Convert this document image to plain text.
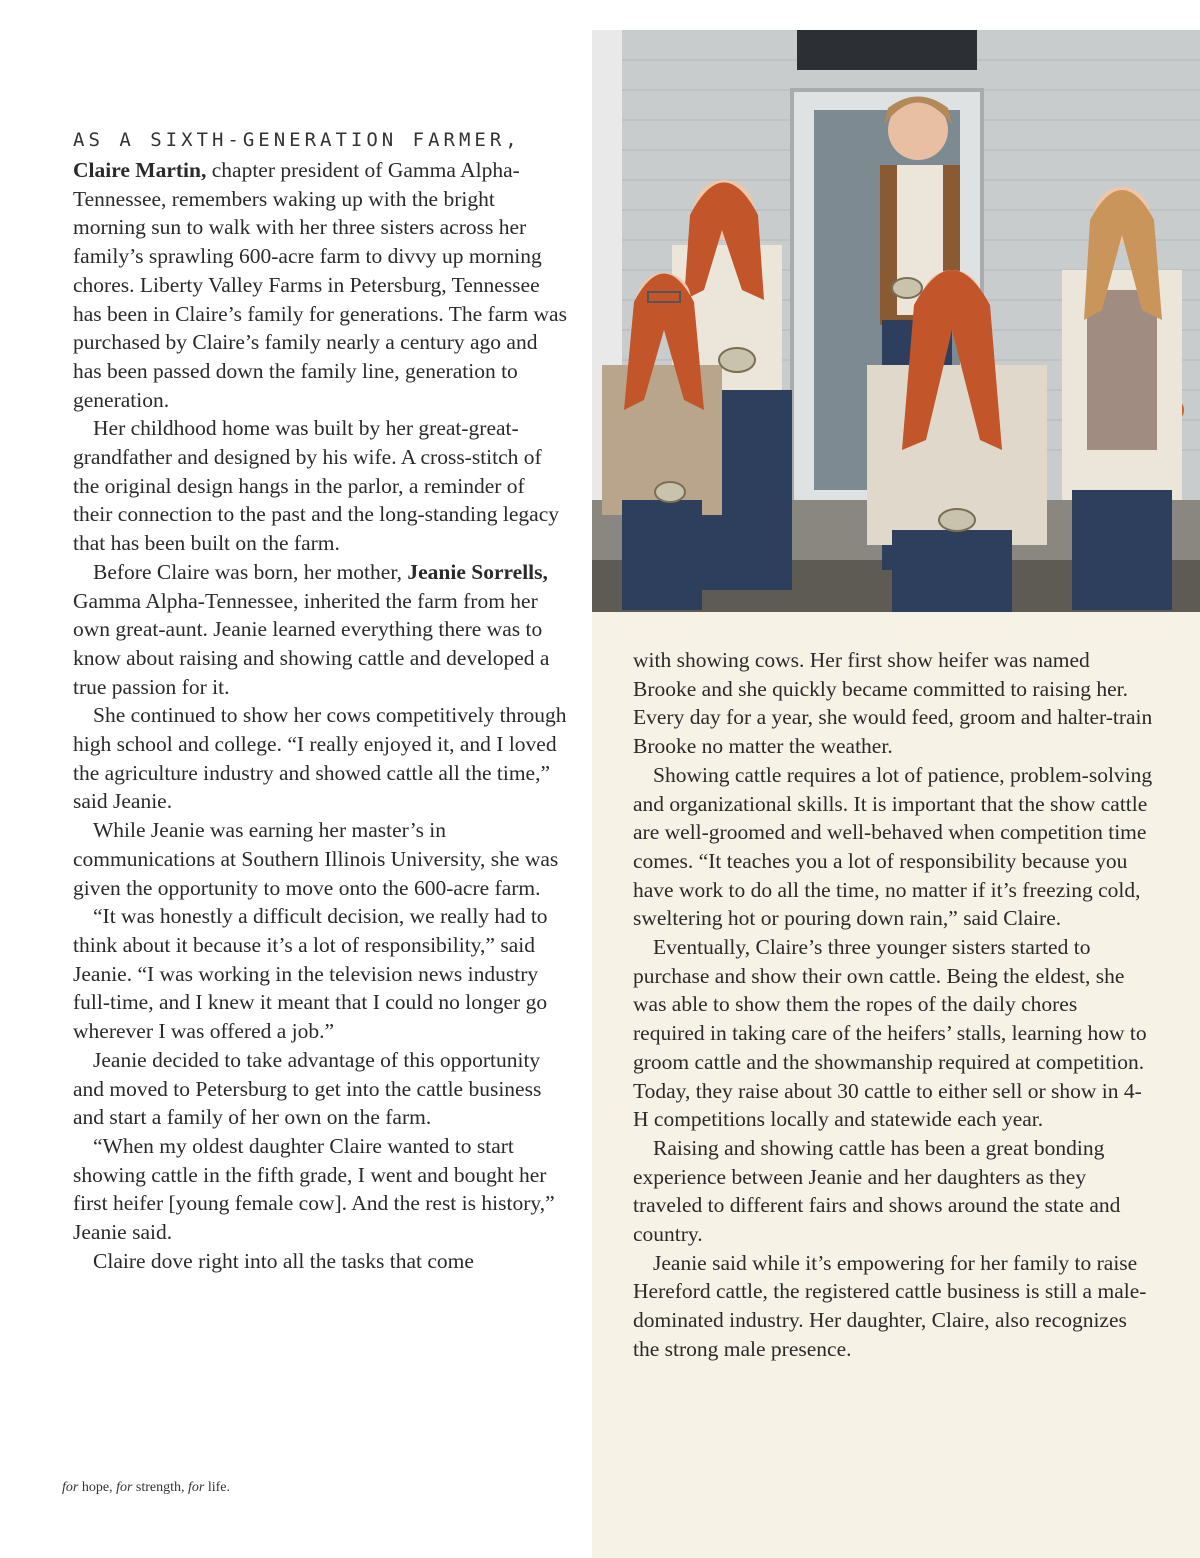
AS A SIXTH-GENERATION FARMER,

Claire Martin, chapter president of Gamma Alpha-Tennessee, remembers waking up with the bright morning sun to walk with her three sisters across her family’s sprawling 600-acre farm to divvy up morning chores. Liberty Valley Farms in Petersburg, Tennessee has been in Claire’s family for generations. The farm was purchased by Claire’s family nearly a century ago and has been passed down the family line, generation to generation.

Her childhood home was built by her great-great-grandfather and designed by his wife. A cross-stitch of the original design hangs in the parlor, a reminder of their connection to the past and the long-standing legacy that has been built on the farm.

Before Claire was born, her mother, Jeanie Sorrells, Gamma Alpha-Tennessee, inherited the farm from her own great-aunt. Jeanie learned everything there was to know about raising and showing cattle and developed a true passion for it.

She continued to show her cows competitively through high school and college. “I really enjoyed it, and I loved the agriculture industry and showed cattle all the time,” said Jeanie.

While Jeanie was earning her master’s in communications at Southern Illinois University, she was given the opportunity to move onto the 600-acre farm.

“It was honestly a difficult decision, we really had to think about it because it’s a lot of responsibility,” said Jeanie. “I was working in the television news industry full-time, and I knew it meant that I could no longer go wherever I was offered a job.”

Jeanie decided to take advantage of this opportunity and moved to Petersburg to get into the cattle business and start a family of her own on the farm.

“When my oldest daughter Claire wanted to start showing cattle in the fifth grade, I went and bought her first heifer [young female cow]. And the rest is history,” Jeanie said.

Claire dove right into all the tasks that come

with showing cows. Her first show heifer was named Brooke and she quickly became committed to raising her. Every day for a year, she would feed, groom and halter-train Brooke no matter the weather.

Showing cattle requires a lot of patience, problem-solving and organizational skills. It is important that the show cattle are well-groomed and well-behaved when competition time comes. “It teaches you a lot of responsibility because you have work to do all the time, no matter if it’s freezing cold, sweltering hot or pouring down rain,” said Claire.

Eventually, Claire’s three younger sisters started to purchase and show their own cattle. Being the eldest, she was able to show them the ropes of the daily chores required in taking care of the heifers’ stalls, learning how to groom cattle and the showmanship required at competition. Today, they raise about 30 cattle to either sell or show in 4-H competitions locally and statewide each year.

Raising and showing cattle has been a great bonding experience between Jeanie and her daughters as they traveled to different fairs and shows around the state and country.

Jeanie said while it’s empowering for her family to raise Hereford cattle, the registered cattle business is still a male-dominated industry. Her daughter, Claire, also recognizes the strong male presence.

for hope, for strength, for life.
